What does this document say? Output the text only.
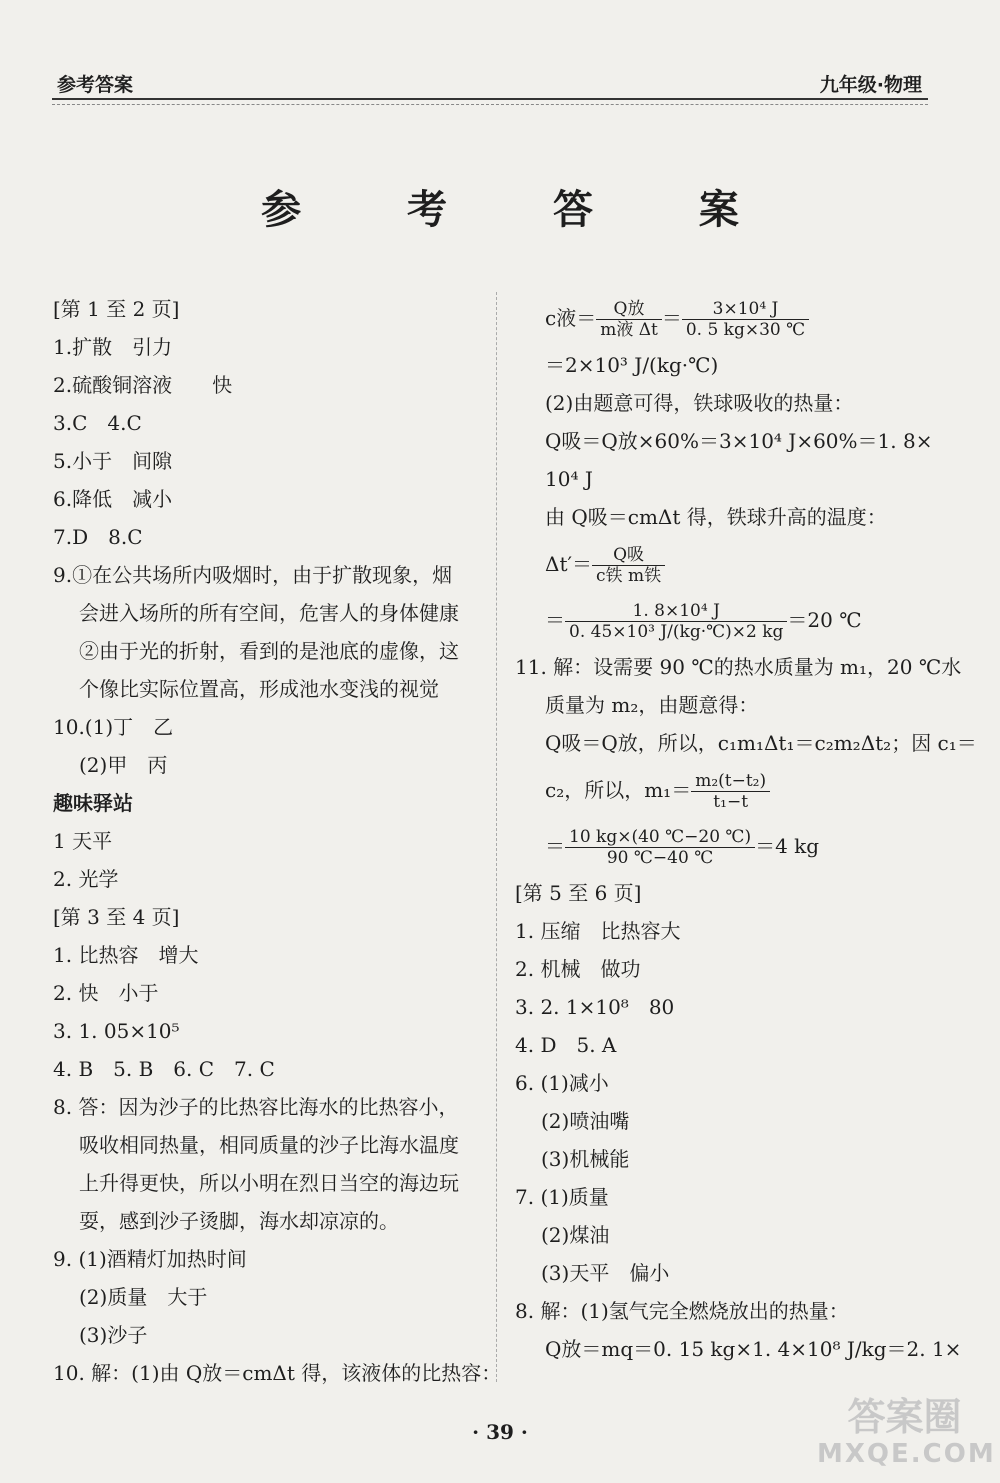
参考答案	九年级·物理
参 考 答 案
[第 1 至 2 页]
1.扩散　引力
2.硫酸铜溶液　　快
3.C　4.C
5.小于　间隙
6.降低　减小
7.D　8.C
9.①在公共场所内吸烟时，由于扩散现象，烟
会进入场所的所有空间，危害人的身体健康
②由于光的折射，看到的是池底的虚像，这
个像比实际位置高，形成池水变浅的视觉
10.(1)丁　乙
(2)甲　丙
趣味驿站
1 天平
2. 光学
[第 3 至 4 页]
1. 比热容　增大
2. 快　小于
3. 1. 05×10⁵
4. B　5. B　6. C　7. C
8. 答：因为沙子的比热容比海水的比热容小，
吸收相同热量，相同质量的沙子比海水温度
上升得更快，所以小明在烈日当空的海边玩
耍，感到沙子烫脚，海水却凉凉的。
9. (1)酒精灯加热时间
(2)质量　大于
(3)沙子
10. 解：(1)由 Q放＝cmΔt 得，该液体的比热容：
c液＝ $\frac{\text{Q放}}{\text{m液 Δt}} = \frac{\text{3×10⁴ J}}{0. 5 kg\times 30 ℃}$
＝2×10³ J/(kg·℃)
(2)由题意可得，铁球吸收的热量：
Q吸＝Q放×60%＝3×10⁴ J×60%＝1. 8×
10⁴ J
由 Q吸＝cmΔt 得，铁球升高的温度：
$\Delta t'= \frac{\text{Q吸}}{\text{c铁 m铁}}$
＝ $\frac{\text{1. 8×10⁴ J}}{\text{0. 45×10³ J/(kg·℃)×2 kg}} =20$ ℃
11. 解：设需要 90 ℃的热水质量为 m₁，20 ℃水
质量为 m₂，由题意得：
Q吸＝Q放，所以，c₁m₁Δt₁＝c₂m₂Δt₂；因 c₁＝
c₂，所以，$m_1= \frac{\text{m₂(t−t₂)}}{\text{t₁−t}}$
＝ $\frac{10 kg\times(40 ℃-20 ℃)}{90 ℃-40 ℃} =4$ kg
[第 5 至 6 页]
1. 压缩　比热容大
2. 机械　做功
3. 2. 1×10⁸　80
4. D　5. A
6. (1)减小
(2)喷油嘴
(3)机械能
7. (1)质量
(2)煤油
(3)天平　偏小
8. 解：(1)氢气完全燃烧放出的热量：
Q放＝mq＝0. 15 kg×1. 4×10⁸ J/kg＝2. 1×
· 39 ·	答案圈
MXQE.COM
